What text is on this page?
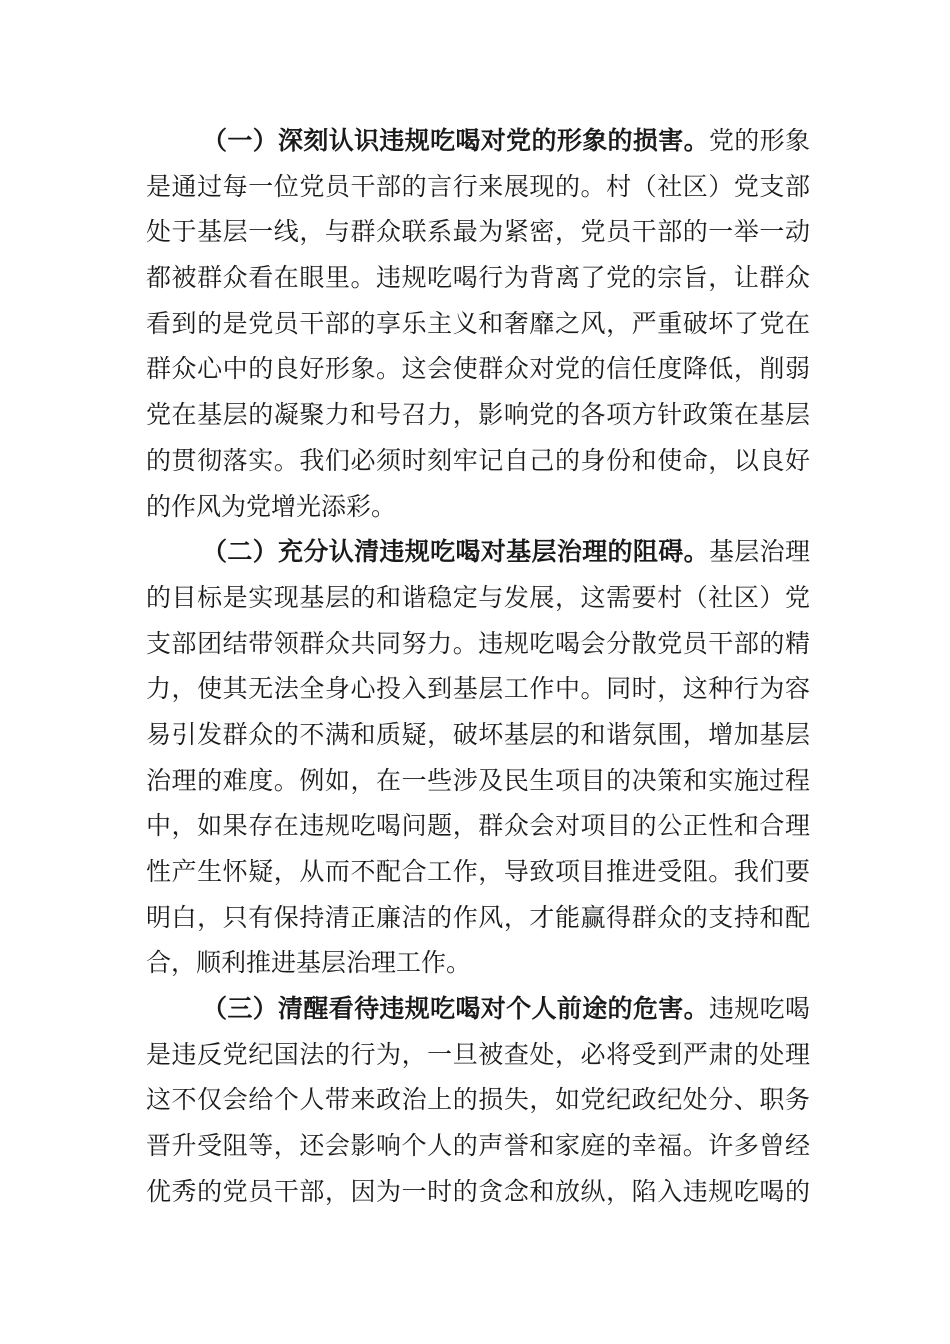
（一）深刻认识违规吃喝对党的形象的损害。党的形象
是通过每一位党员干部的言行来展现的。村（社区）党支部
处于基层一线，与群众联系最为紧密，党员干部的一举一动
都被群众看在眼里。违规吃喝行为背离了党的宗旨，让群众
看到的是党员干部的享乐主义和奢靡之风，严重破坏了党在
群众心中的良好形象。这会使群众对党的信任度降低，削弱
党在基层的凝聚力和号召力，影响党的各项方针政策在基层
的贯彻落实。我们必须时刻牢记自己的身份和使命，以良好
的作风为党增光添彩。
（二）充分认清违规吃喝对基层治理的阻碍。基层治理
的目标是实现基层的和谐稳定与发展，这需要村（社区）党
支部团结带领群众共同努力。违规吃喝会分散党员干部的精
力，使其无法全身心投入到基层工作中。同时，这种行为容
易引发群众的不满和质疑，破坏基层的和谐氛围，增加基层
治理的难度。例如，在一些涉及民生项目的决策和实施过程
中，如果存在违规吃喝问题，群众会对项目的公正性和合理
性产生怀疑，从而不配合工作，导致项目推进受阻。我们要
明白，只有保持清正廉洁的作风，才能赢得群众的支持和配
合，顺利推进基层治理工作。
（三）清醒看待违规吃喝对个人前途的危害。违规吃喝
是违反党纪国法的行为，一旦被查处，必将受到严肃的处理
这不仅会给个人带来政治上的损失，如党纪政纪处分、职务
晋升受阻等，还会影响个人的声誉和家庭的幸福。许多曾经
优秀的党员干部，因为一时的贪念和放纵，陷入违规吃喝的
